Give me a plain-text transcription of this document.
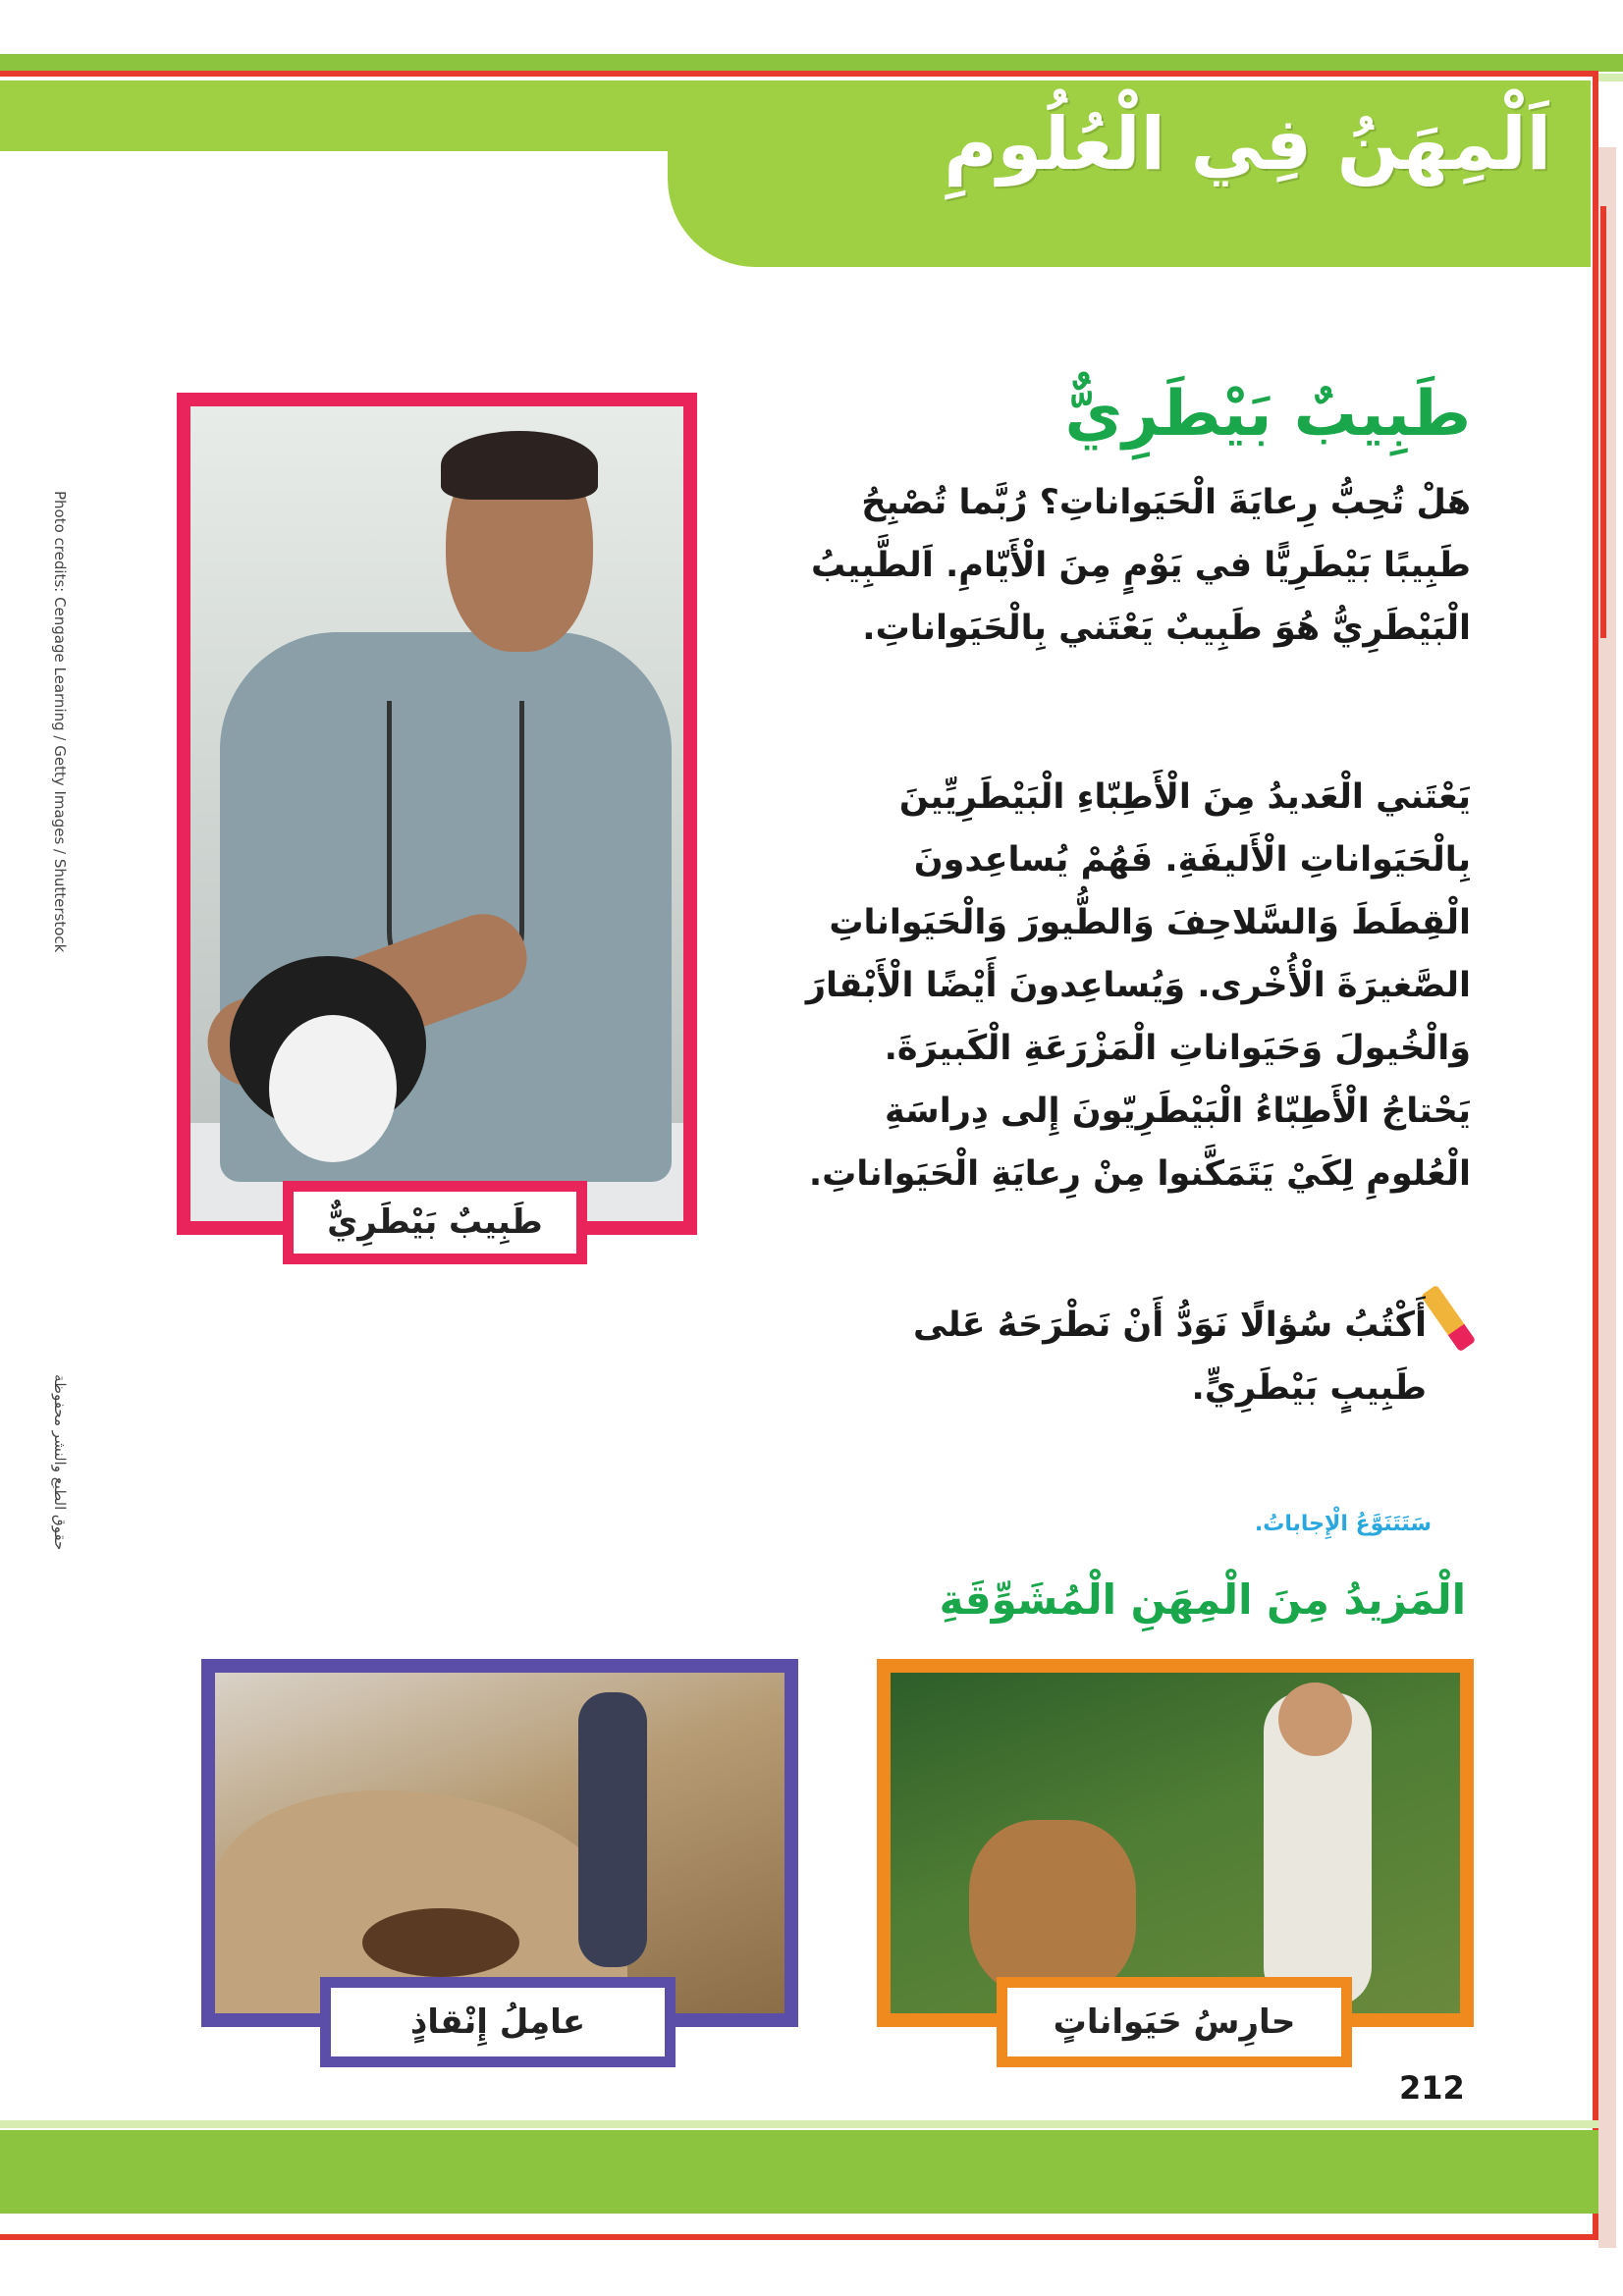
اَلْمِهَنُ فِي الْعُلُومِ
Photo credits: Cengage Learning / Getty Images / Shutterstock
حقوق الطبع والنشر محفوظة
طَبِيبٌ بَيْطَرِيٌّ
طَبِيبٌ بَيْطَرِيٌّ
هَلْ تُحِبُّ رِعايَةَ الْحَيَواناتِ؟ رُبَّما تُصْبِحُ طَبِيبًا بَيْطَرِيًّا في يَوْمٍ مِنَ الْأَيّامِ. اَلطَّبِيبُ الْبَيْطَرِيُّ هُوَ طَبِيبٌ يَعْتَني بِالْحَيَواناتِ.
يَعْتَني الْعَديدُ مِنَ الْأَطِبّاءِ الْبَيْطَرِيِّينَ بِالْحَيَواناتِ الْأَليفَةِ. فَهُمْ يُساعِدونَ الْقِطَطَ وَالسَّلاحِفَ وَالطُّيورَ وَالْحَيَواناتِ الصَّغيرَةَ الْأُخْرى. وَيُساعِدونَ أَيْضًا الْأَبْقارَ وَالْخُيولَ وَحَيَواناتِ الْمَزْرَعَةِ الْكَبيرَةَ. يَحْتاجُ الْأَطِبّاءُ الْبَيْطَرِيّونَ إِلى دِراسَةِ الْعُلومِ لِكَيْ يَتَمَكَّنوا مِنْ رِعايَةِ الْحَيَواناتِ.
أَكْتُبُ سُؤالًا نَوَدُّ أَنْ نَطْرَحَهُ عَلى طَبِيبٍ بَيْطَرِيٍّ.
سَتَتَنَوَّعُ الْإِجاباتُ.
الْمَزيدُ مِنَ الْمِهَنِ الْمُشَوِّقَةِ
عامِلُ إِنْقاذٍ	حارِسُ حَيَواناتٍ
212
